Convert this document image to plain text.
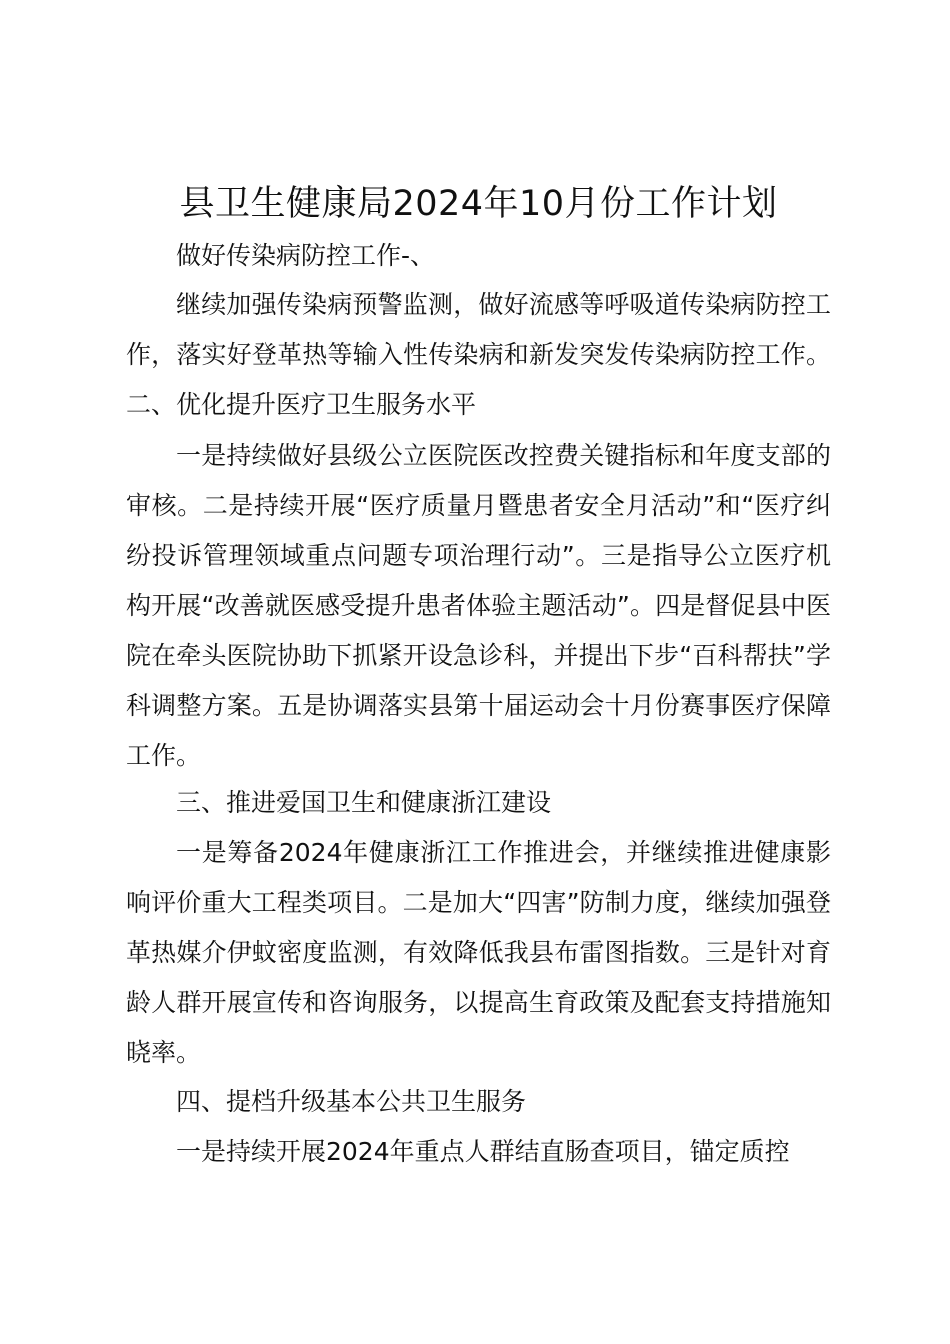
县卫生健康局2024年10月份工作计划

做好传染病防控工作-、

继续加强传染病预警监测，做好流感等呼吸道传染病防控工作，落实好登革热等输入性传染病和新发突发传染病防控工作。二、优化提升医疗卫生服务水平

一是持续做好县级公立医院医改控费关键指标和年度支部的审核。二是持续开展“医疗质量月暨患者安全月活动”和“医疗纠纷投诉管理领域重点问题专项治理行动”。三是指导公立医疗机构开展“改善就医感受提升患者体验主题活动”。四是督促县中医院在牵头医院协助下抓紧开设急诊科，并提出下步“百科帮扶”学科调整方案。五是协调落实县第十届运动会十月份赛事医疗保障工作。

三、推进爱国卫生和健康浙江建设

一是筹备2024年健康浙江工作推进会，并继续推进健康影响评价重大工程类项目。二是加大“四害”防制力度，继续加强登革热媒介伊蚊密度监测，有效降低我县布雷图指数。三是针对育龄人群开展宣传和咨询服务，以提高生育政策及配套支持措施知晓率。

四、提档升级基本公共卫生服务

一是持续开展2024年重点人群结直肠查项目，锚定质控
